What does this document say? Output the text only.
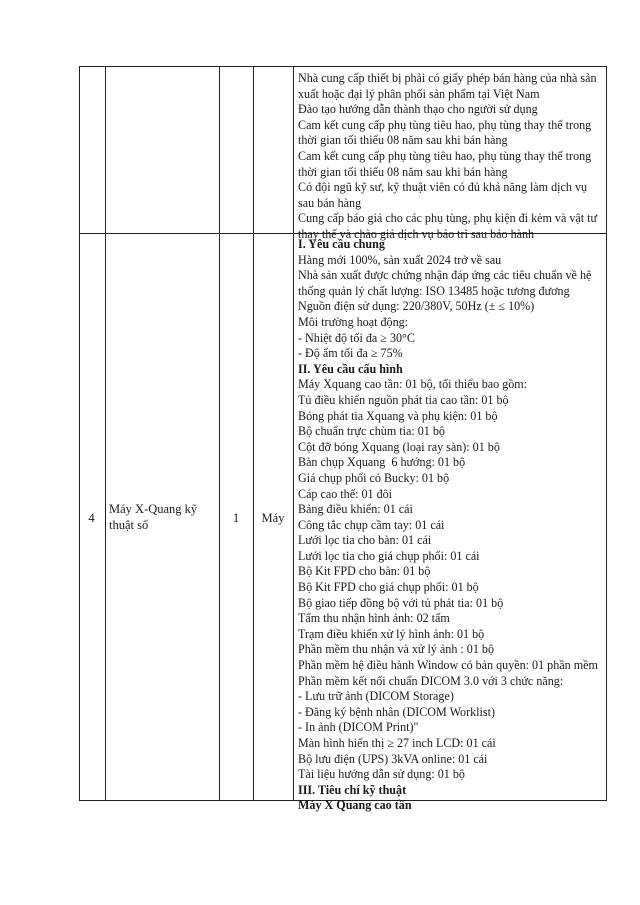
Nhà cung cấp thiết bị phải có giấy phép bán hàng của nhà sản xuất hoặc đại lý phân phối sản phẩm tại Việt Nam
Đào tạo hướng dẫn thành thạo cho người sử dụng
Cam kết cung cấp phụ tùng tiêu hao, phụ tùng thay thế trong thời gian tối thiểu 08 năm sau khi bán hàng
Cam kết cung cấp phụ tùng tiêu hao, phụ tùng thay thế trong thời gian tối thiểu 08 năm sau khi bán hàng
Có đội ngũ kỹ sư, kỹ thuật viên có đủ khả năng làm dịch vụ sau bán hàng
Cung cấp báo giá cho các phụ tùng, phụ kiện đi kèm và vật tư thay thế và chào giá dịch vụ bảo trì sau bảo hành
4
Máy X-Quang kỹ thuật số	1	Máy
I. Yêu cầu chung
Hàng mới 100%, sản xuất 2024 trở về sau
Nhà sản xuất được chứng nhận đáp ứng các tiêu chuẩn về hệ thống quản lý chất lượng: ISO 13485 hoặc tương đương
Nguồn điện sử dụng: 220/380V, 50Hz (± ≤ 10%)
Môi trường hoạt động:
- Nhiệt độ tối đa ≥ 30°C
- Độ ẩm tối đa ≥ 75%
II. Yêu cầu cấu hình
Máy Xquang cao tần: 01 bộ, tối thiểu bao gồm:
Tủ điều khiển nguồn phát tia cao tần: 01 bộ
Bóng phát tia Xquang và phụ kiện: 01 bộ
Bộ chuẩn trực chùm tia: 01 bộ
Cột đỡ bóng Xquang (loại ray sàn): 01 bộ
Bàn chụp Xquang  6 hướng: 01 bộ
Giá chụp phổi có Bucky: 01 bộ
Cáp cao thế: 01 đôi
Bảng điều khiển: 01 cái
Công tắc chụp cầm tay: 01 cái
Lưới lọc tia cho bàn: 01 cái
Lưới lọc tia cho giá chụp phổi: 01 cái
Bộ Kit FPD cho bàn: 01 bộ
Bộ Kit FPD cho giá chụp phổi: 01 bộ
Bộ giao tiếp đồng bộ với tủ phát tia: 01 bộ
Tấm thu nhận hình ảnh: 02 tấm
Trạm điều khiển xử lý hình ảnh: 01 bộ
Phần mềm thu nhận và xử lý ảnh : 01 bộ
Phần mềm hệ điều hành Window có bản quyền: 01 phần mềm
Phần mềm kết nối chuẩn DICOM 3.0 với 3 chức năng:
- Lưu trữ ảnh (DICOM Storage)
- Đăng ký bệnh nhân (DICOM Worklist)
- In ảnh (DICOM Print)"
Màn hình hiển thị ≥ 27 inch LCD: 01 cái
Bộ lưu điện (UPS) 3kVA online: 01 cái
Tài liệu hướng dẫn sử dụng: 01 bộ
III. Tiêu chí kỹ thuật
Máy X Quang cao tần
